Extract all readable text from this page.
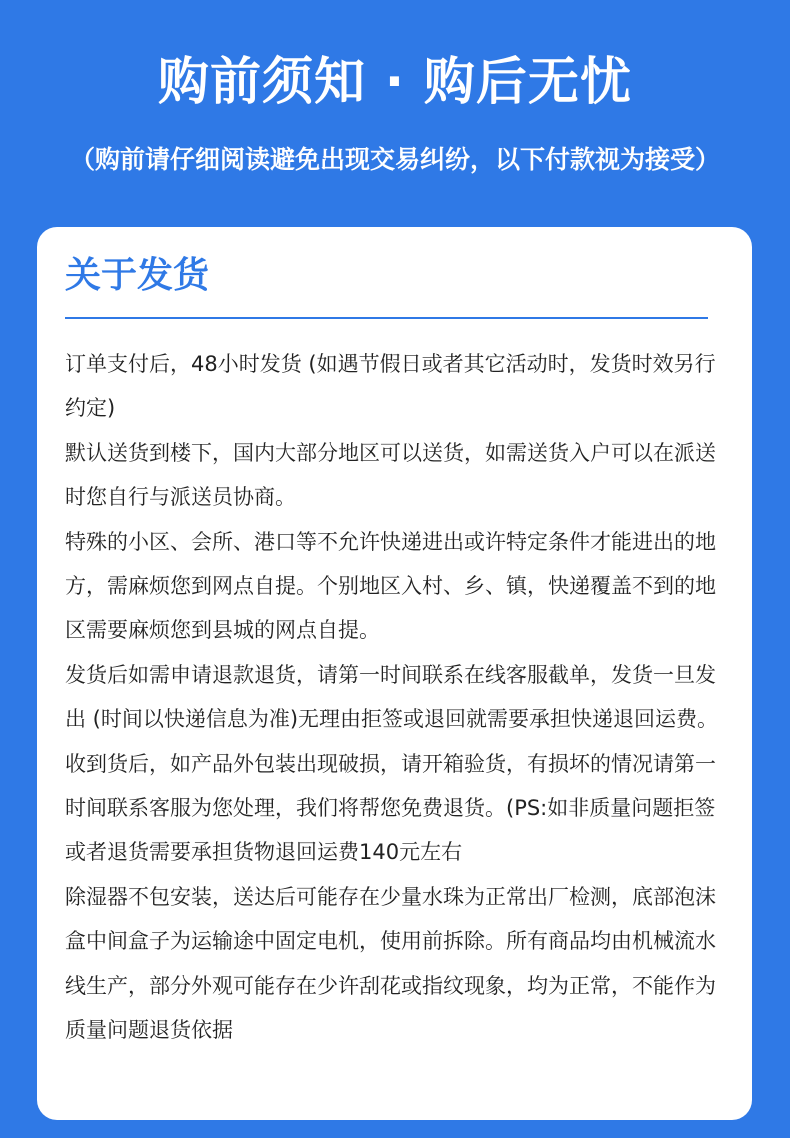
购前须知 · 购后无忧
（购前请仔细阅读避免出现交易纠纷，以下付款视为接受）
关于发货

订单支付后，48小时发货 (如遇节假日或者其它活动时，发货时效另行约定)

默认送货到楼下，国内大部分地区可以送货，如需送货入户可以在派送时您自行与派送员协商。

特殊的小区、会所、港口等不允许快递进出或许特定条件才能进出的地方，需麻烦您到网点自提。个别地区入村、乡、镇，快递覆盖不到的地区需要麻烦您到县城的网点自提。

发货后如需申请退款退货，请第一时间联系在线客服截单，发货一旦发出 (时间以快递信息为准)无理由拒签或退回就需要承担快递退回运费。收到货后，如产品外包装出现破损，请开箱验货，有损坏的情况请第一时间联系客服为您处理，我们将帮您免费退货。(PS:如非质量问题拒签或者退货需要承担货物退回运费140元左右

除湿器不包安装，送达后可能存在少量水珠为正常出厂检测，底部泡沫盒中间盒子为运输途中固定电机，使用前拆除。所有商品均由机械流水线生产，部分外观可能存在少许刮花或指纹现象，均为正常，不能作为质量问题退货依据
